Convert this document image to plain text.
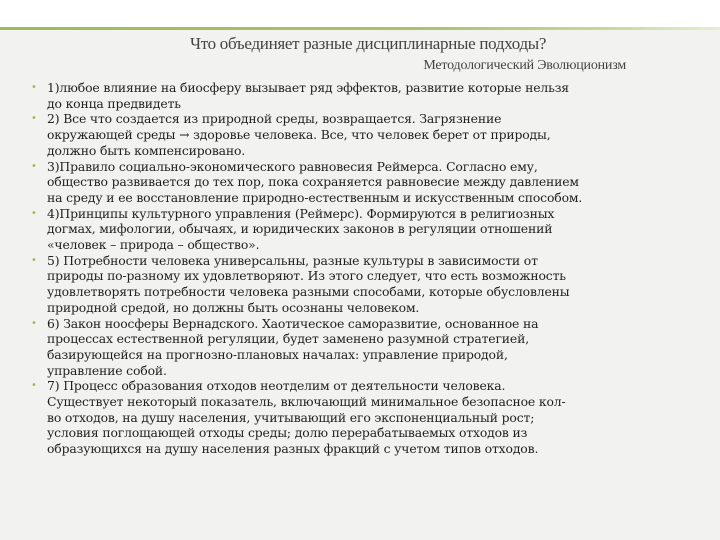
Что объединяет разные дисциплинарные подходы?
Методологический Эволюционизм
• 1)любое влияние на биосферу вызывает ряд эффектов, развитие которые нельзя
до конца предвидеть
• 2) Все что создается из природной среды, возвращается. Загрязнение
окружающей среды → здоровье человека. Все, что человек берет от природы,
должно быть компенсировано.
• 3)Правило социально-экономического равновесия Реймерса. Согласно ему,
общество развивается до тех пор, пока сохраняется равновесие между давлением
на среду и ее восстановление природно-естественным и искусственным способом.
• 4)Принципы культурного управления (Реймерс). Формируются в религиозных
догмах, мифологии, обычаях, и юридических законов в регуляции отношений
«человек – природа – общество».
• 5) Потребности человека универсальны, разные культуры в зависимости от
природы по-разному их удовлетворяют. Из этого следует, что есть возможность
удовлетворять потребности человека разными способами, которые обусловлены
природной средой, но должны быть осознаны человеком.
• 6) Закон ноосферы Вернадского. Хаотическое саморазвитие, основанное на
процессах естественной регуляции, будет заменено разумной стратегией,
базирующейся на прогнозно-плановых началах: управление природой,
управление собой.
• 7) Процесс образования отходов неотделим от деятельности человека.
Существует некоторый показатель, включающий минимальное безопасное кол-
во отходов, на душу населения, учитывающий его экспоненциальный рост;
условия поглощающей отходы среды; долю перерабатываемых отходов из
образующихся на душу населения разных фракций с учетом типов отходов.
